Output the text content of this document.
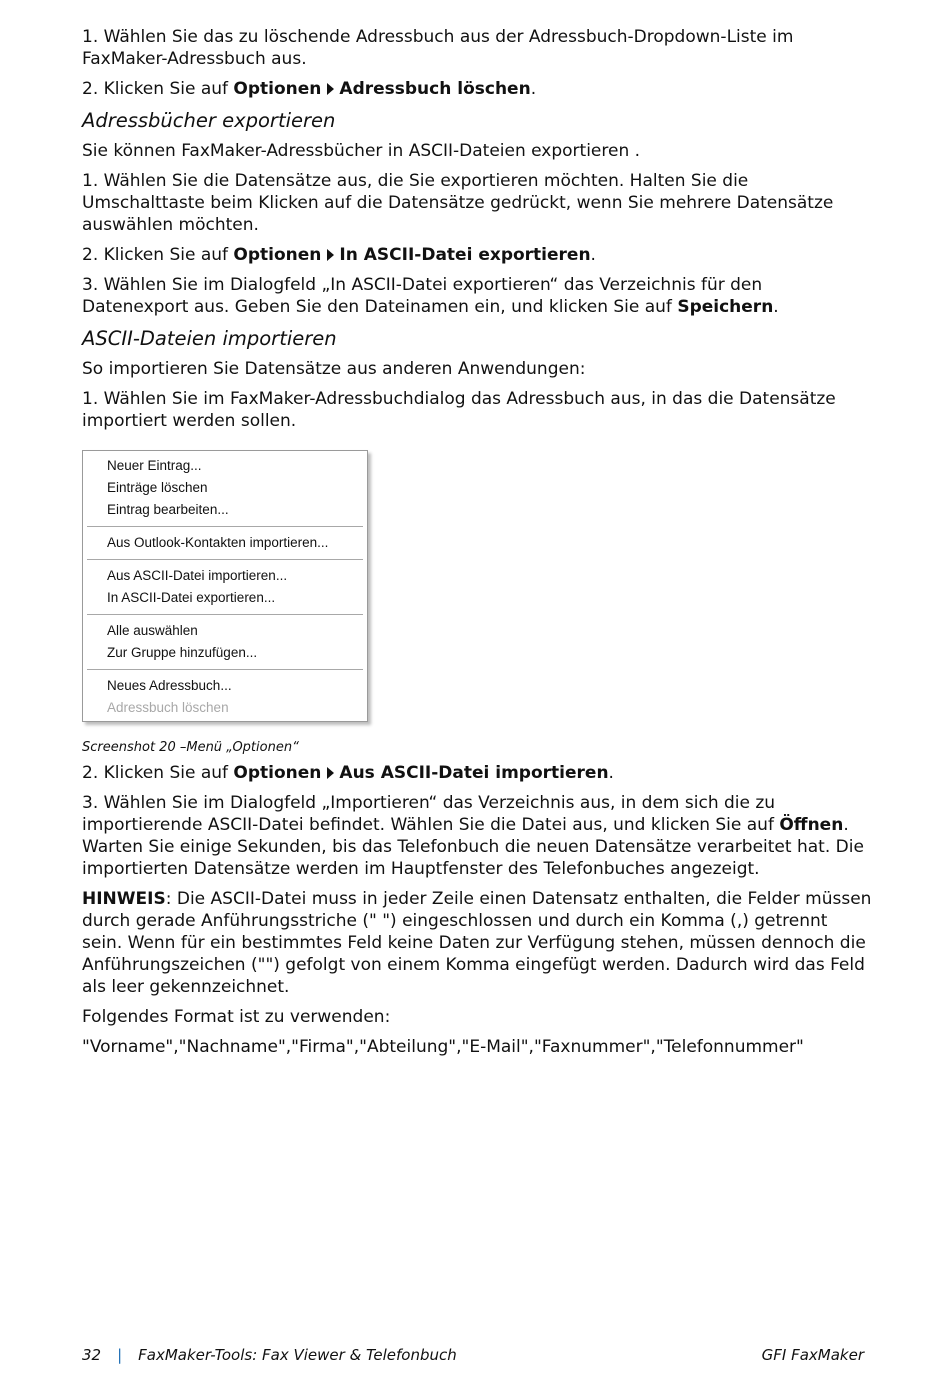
1. Wählen Sie das zu löschende Adressbuch aus der Adressbuch-Dropdown-Liste im FaxMaker-Adressbuch aus.

2. Klicken Sie auf Optionen Adressbuch löschen.

Adressbücher exportieren

Sie können FaxMaker-Adressbücher in ASCII-Dateien exportieren .

1. Wählen Sie die Datensätze aus, die Sie exportieren möchten. Halten Sie die Umschalttaste beim Klicken auf die Datensätze gedrückt, wenn Sie mehrere Datensätze auswählen möchten.

2. Klicken Sie auf Optionen In ASCII-Datei exportieren.

3. Wählen Sie im Dialogfeld „In ASCII-Datei exportieren“ das Verzeichnis für den Datenexport aus. Geben Sie den Dateinamen ein, und klicken Sie auf Speichern.

ASCII-Dateien importieren

So importieren Sie Datensätze aus anderen Anwendungen:

1. Wählen Sie im FaxMaker-Adressbuchdialog das Adressbuch aus, in das die Datensätze importiert werden sollen.

Neuer Eintrag...
Einträge löschen
Eintrag bearbeiten...
Aus Outlook-Kontakten importieren...
Aus ASCII-Datei importieren...
In ASCII-Datei exportieren...
Alle auswählen
Zur Gruppe hinzufügen...
Neues Adressbuch...
Adressbuch löschen

Screenshot 20 –Menü „Optionen“

2. Klicken Sie auf Optionen Aus ASCII-Datei importieren.

3. Wählen Sie im Dialogfeld „Importieren“ das Verzeichnis aus, in dem sich die zu importierende ASCII-Datei befindet. Wählen Sie die Datei aus, und klicken Sie auf Öffnen. Warten Sie einige Sekunden, bis das Telefonbuch die neuen Datensätze verarbeitet hat. Die importierten Datensätze werden im Hauptfenster des Telefonbuches angezeigt.

HINWEIS: Die ASCII-Datei muss in jeder Zeile einen Datensatz enthalten, die Felder müssen durch gerade Anführungsstriche (" ") eingeschlossen und durch ein Komma (,) getrennt sein. Wenn für ein bestimmtes Feld keine Daten zur Verfügung stehen, müssen dennoch die Anführungszeichen ("") gefolgt von einem Komma eingefügt werden. Dadurch wird das Feld als leer gekennzeichnet.

Folgendes Format ist zu verwenden:

"Vorname","Nachname","Firma","Abteilung","E-Mail","Faxnummer","Telefonnummer"

32 | FaxMaker-Tools: Fax Viewer & Telefonbuch	GFI FaxMaker
